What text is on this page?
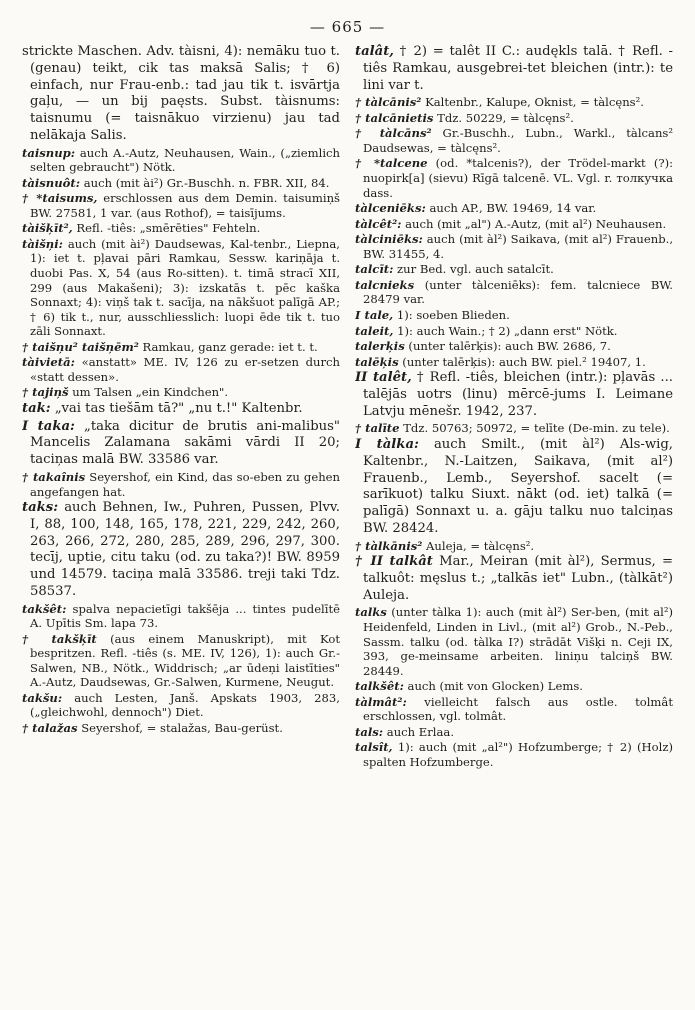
— 665 —

strickte Maschen. Adv. tàisni, 4): nemāku tuo t. (genau) teikt, cik tas maksā Salis; † 6) einfach, nur Frau-enb.: tad jau tik t. isvārtja gaļu, — un bij paęsts. Subst. tàisnums: taisnumu (= taisnākuo virzienu) jau tad nelākaja Salis.

taisnup: auch A.-Autz, Neuhausen, Wain., („ziemlich selten gebraucht") Nötk.

tàisnuôt: auch (mit ài²) Gr.-Buschh. n. FBR. XII, 84.

† *taisums, erschlossen aus dem Demin. taisumiņš BW. 27581, 1 var. (aus Rothof), = taisījums.

tàišķīt², Refl. -tiês: „smērēties" Fehteln.

tàišņi: auch (mit ài²) Daudsewas, Kal-tenbr., Liepna, 1): iet t. pļavai pāri Ramkau, Sessw. kariņāja t. duobi Pas. X, 54 (aus Ro-sitten). t. timā stracī XII, 299 (aus Makašeni); 3): izskatās t. pēc kaška Sonnaxt; 4): viņš tak t. sacīja, na nākšuot palīgā AP.; † 6) tik t., nur, ausschliesslich: luopi ēde tik t. tuo zāli Sonnaxt.

† taišņu² taišņēm² Ramkau, ganz gerade: iet t. t.

tàivietā: «anstatt» ME. IV, 126 zu er-setzen durch «statt dessen».

† tajiņš um Talsen „ein Kindchen".

tak: „vai tas tiešām tā?" „nu t.!" Kaltenbr.

I taka: „taka dicitur de brutis ani-malibus" Mancelis Zalamana sakāmi vārdi II 20; taciņas malā BW. 33586 var.

† takaînis Seyershof, ein Kind, das so-eben zu gehen angefangen hat.

taks: auch Behnen, Iw., Puhren, Pussen, Plvv. I, 88, 100, 148, 165, 178, 221, 229, 242, 260, 263, 266, 272, 280, 285, 289, 296, 297, 300. tecīj, uptie, citu taku (od. zu taka?)! BW. 8959 und 14579. taciņa malā 33586. treji taki Tdz. 58537.

takšêt: spalva nepacietīgi takšēja ... tintes pudelītē A. Upītis Sm. lapa 73.

† takšķīt (aus einem Manuskript), mit Kot bespritzen. Refl. -tiês (s. ME. IV, 126), 1): auch Gr.-Salwen, NB., Nötk., Widdrisch; „ar ūdeņi laistīties" A.-Autz, Daudsewas, Gr.-Salwen, Kurmene, Neugut.

takšu: auch Lesten, Janš. Apskats 1903, 283, („gleichwohl, dennoch") Diet.

† talažas Seyershof, = stalažas, Bau-gerüst.

talât, † 2) = talêt II C.: audękls talā. † Refl. -tiês Ramkau, ausgebrei-tet bleichen (intr.): te lini var t.

† tàlcānis² Kaltenbr., Kalupe, Oknist, = tàlcęns².

† talcānietis Tdz. 50229, = tàlcęns².

† tàlcāns² Gr.-Buschh., Lubn., Warkl., tàlcans² Daudsewas, = tàlcęns².

† *talcene (od. *talcenis?), der Trödel-markt (?): nuopirk[a] (sievu) Rīgā talcenē. VL. Vgl. r. толкучка dass.

tàlceniēks: auch AP., BW. 19469, 14 var.

tàlcêt²: auch (mit „al") A.-Autz, (mit al²) Neuhausen.

tàlciniēks: auch (mit àl²) Saikava, (mit al²) Frauenb., BW. 31455, 4.

talcīt: zur Bed. vgl. auch satalcīt.

talcnieks (unter tàlceniēks): fem. talcniece BW. 28479 var.

I tale, 1): soeben Blieden.

taleit, 1): auch Wain.; † 2) „dann erst" Nötk.

talerķis (unter talērķis): auch BW. 2686, 7.

talēķis (unter talērķis): auch BW. piel.² 19407, 1.

II talêt, † Refl. -tiês, bleichen (intr.): pļavās ... talējās uotrs (linu) mērcē-jums I. Leimane Latvju mēnešr. 1942, 237.

† talīte Tdz. 50763; 50972, = telīte (De-min. zu tele).

I tàlka: auch Smilt., (mit àl²) Als-wig, Kaltenbr., N.-Laitzen, Saikava, (mit al²) Frauenb., Lemb., Seyershof. sacelt (= sarīkuot) talku Siuxt. nākt (od. iet) talkā (= palīgā) Sonnaxt u. a. gāju talku nuo talciņas BW. 28424.

† tàlkānis² Auleja, = tàlcęns².

† II talkât Mar., Meiran (mit àl²), Sermus, = talkuôt: męslus t.; „talkās iet" Lubn., (tàlkāt²) Auleja.

talks (unter tàlka 1): auch (mit àl²) Ser-ben, (mit al²) Heidenfeld, Linden in Livl., (mit al²) Grob., N.-Peb., Sassm. talku (od. tàlka I?) strādāt Višķi n. Ceji IX, 393, ge-meinsame arbeiten. liniņu talciņš BW. 28449.

talkšêt: auch (mit von Glocken) Lems.

tàlmât²: vielleicht falsch aus ostle. tolmât erschlossen, vgl. tolmât.

tals: auch Erlaa.

talsît, 1): auch (mit „al²") Hofzumberge; † 2) (Holz) spalten Hofzumberge.
